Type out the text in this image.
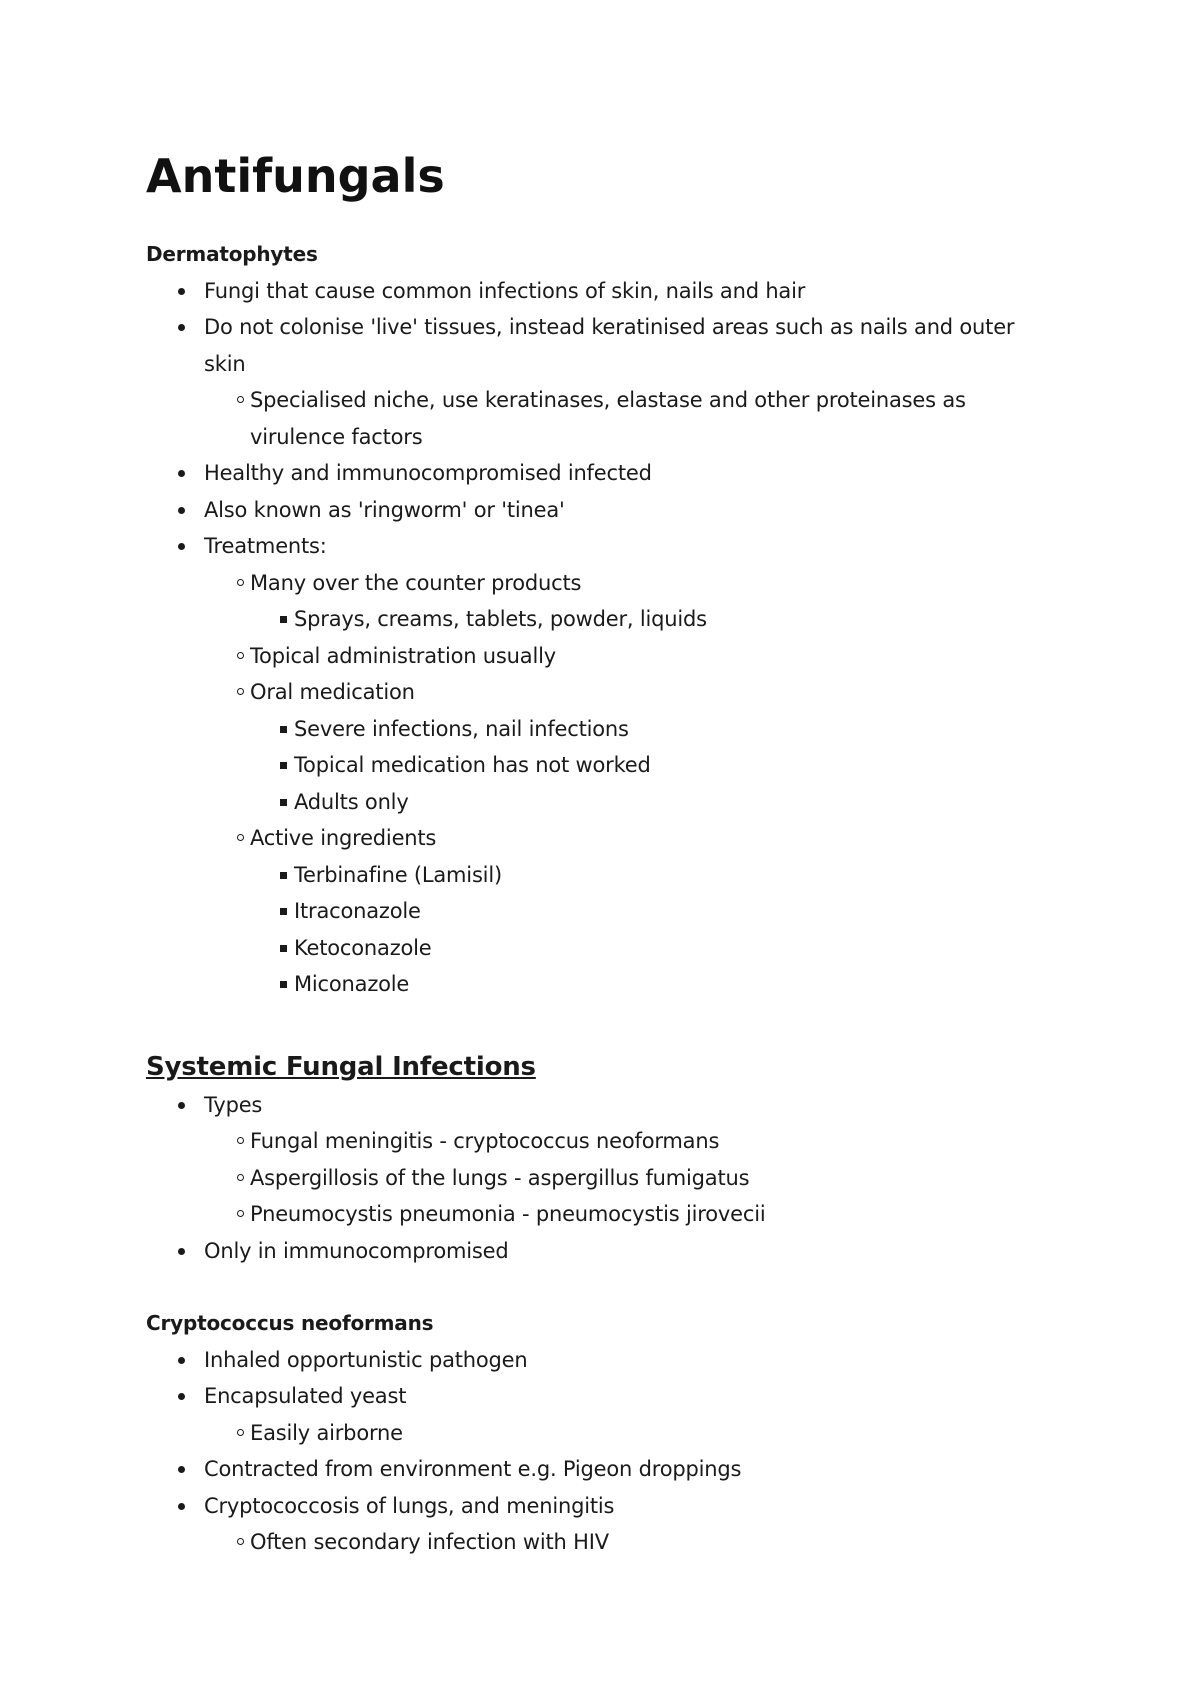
Antifungals

Dermatophytes

Fungi that cause common infections of skin, nails and hair
Do not colonise 'live' tissues, instead keratinised areas such as nails and outer skin
Specialised niche, use keratinases, elastase and other proteinases as virulence factors
Healthy and immunocompromised infected
Also known as 'ringworm' or 'tinea'
Treatments:
Many over the counter products
Sprays, creams, tablets, powder, liquids
Topical administration usually
Oral medication
Severe infections, nail infections
Topical medication has not worked
Adults only
Active ingredients
Terbinafine (Lamisil)
Itraconazole
Ketoconazole
Miconazole
Systemic Fungal Infections
Types
Fungal meningitis - cryptococcus neoformans
Aspergillosis of the lungs - aspergillus fumigatus
Pneumocystis pneumonia - pneumocystis jirovecii
Only in immunocompromised

Cryptococcus neoformans

Inhaled opportunistic pathogen
Encapsulated yeast
Easily airborne
Contracted from environment e.g. Pigeon droppings
Cryptococcosis of lungs, and meningitis
Often secondary infection with HIV
